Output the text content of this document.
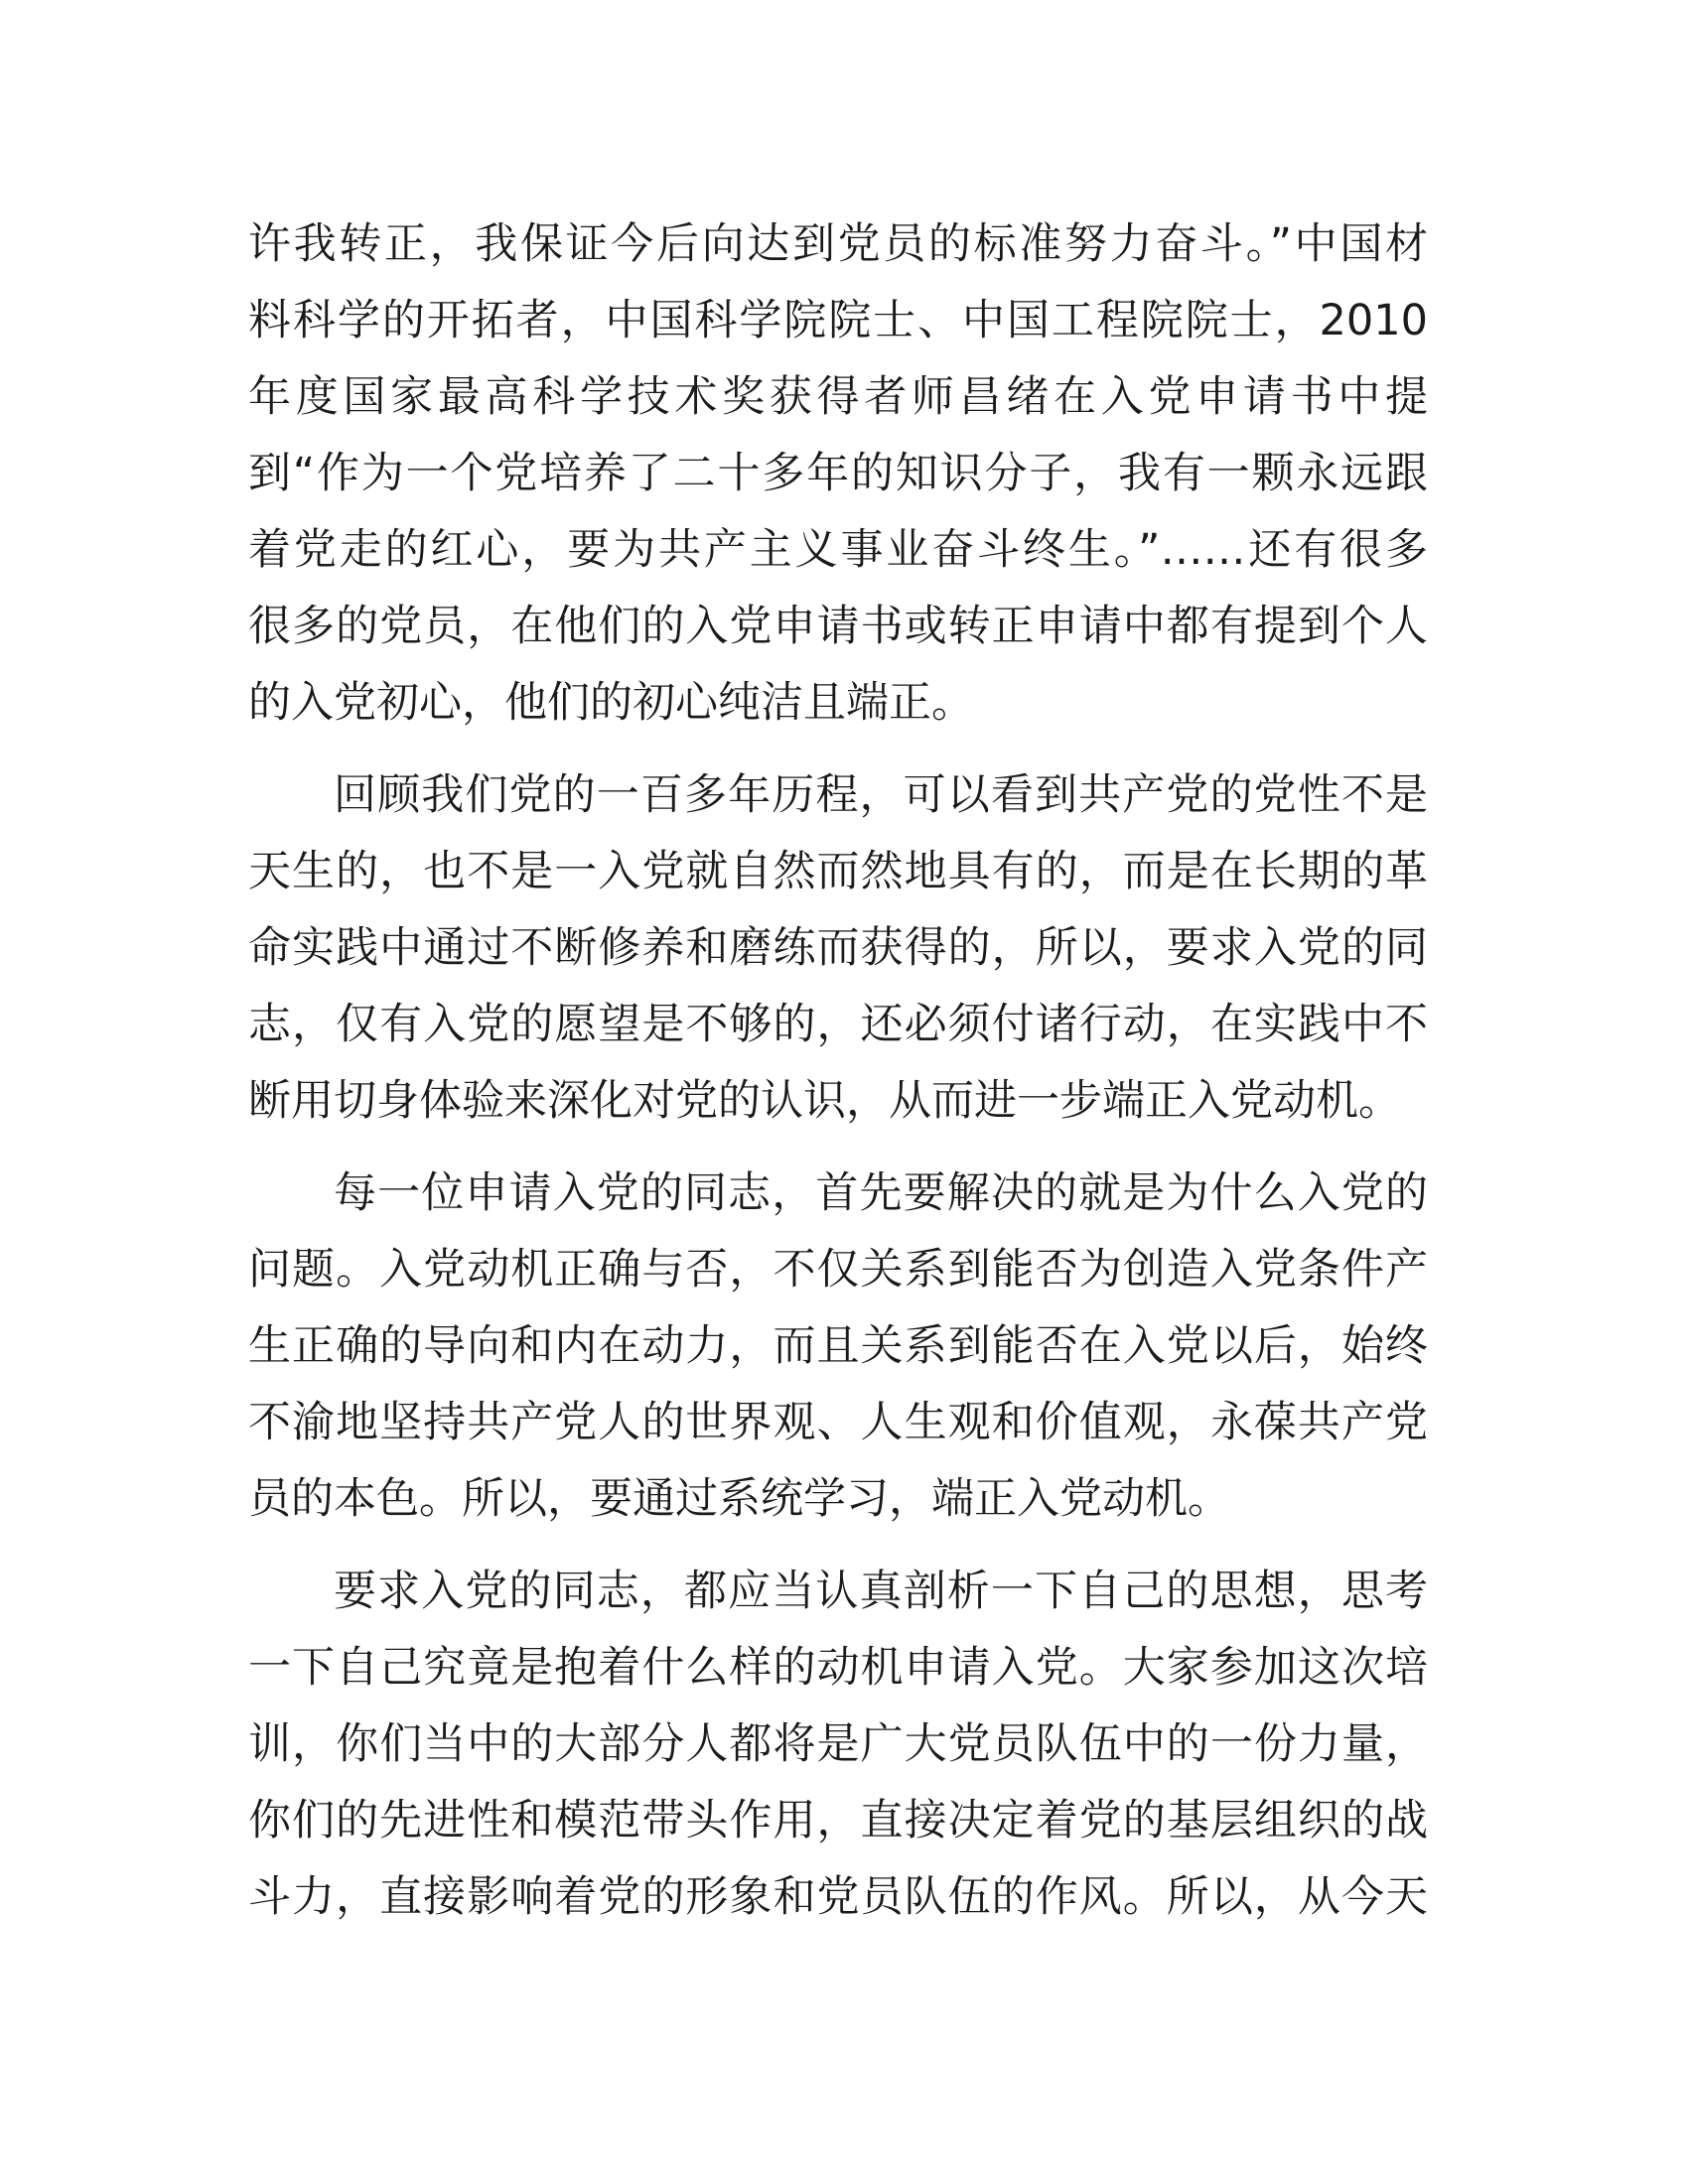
许我转正，我保证今后向达到党员的标准努力奋斗。”中国材
料科学的开拓者，中国科学院院士、中国工程院院士，2010
年度国家最高科学技术奖获得者师昌绪在入党申请书中提
到“作为一个党培养了二十多年的知识分子，我有一颗永远跟
着党走的红心，要为共产主义事业奋斗终生。”……还有很多
很多的党员，在他们的入党申请书或转正申请中都有提到个人
的入党初心，他们的初心纯洁且端正。
回顾我们党的一百多年历程，可以看到共产党的党性不是
天生的，也不是一入党就自然而然地具有的，而是在长期的革
命实践中通过不断修养和磨练而获得的，所以，要求入党的同
志，仅有入党的愿望是不够的，还必须付诸行动，在实践中不
断用切身体验来深化对党的认识，从而进一步端正入党动机。
每一位申请入党的同志，首先要解决的就是为什么入党的
问题。入党动机正确与否，不仅关系到能否为创造入党条件产
生正确的导向和内在动力，而且关系到能否在入党以后，始终
不渝地坚持共产党人的世界观、人生观和价值观，永葆共产党
员的本色。所以，要通过系统学习，端正入党动机。
要求入党的同志，都应当认真剖析一下自己的思想，思考
一下自己究竟是抱着什么样的动机申请入党。大家参加这次培
训，你们当中的大部分人都将是广大党员队伍中的一份力量，
你们的先进性和模范带头作用，直接决定着党的基层组织的战
斗力，直接影响着党的形象和党员队伍的作风。所以，从今天
